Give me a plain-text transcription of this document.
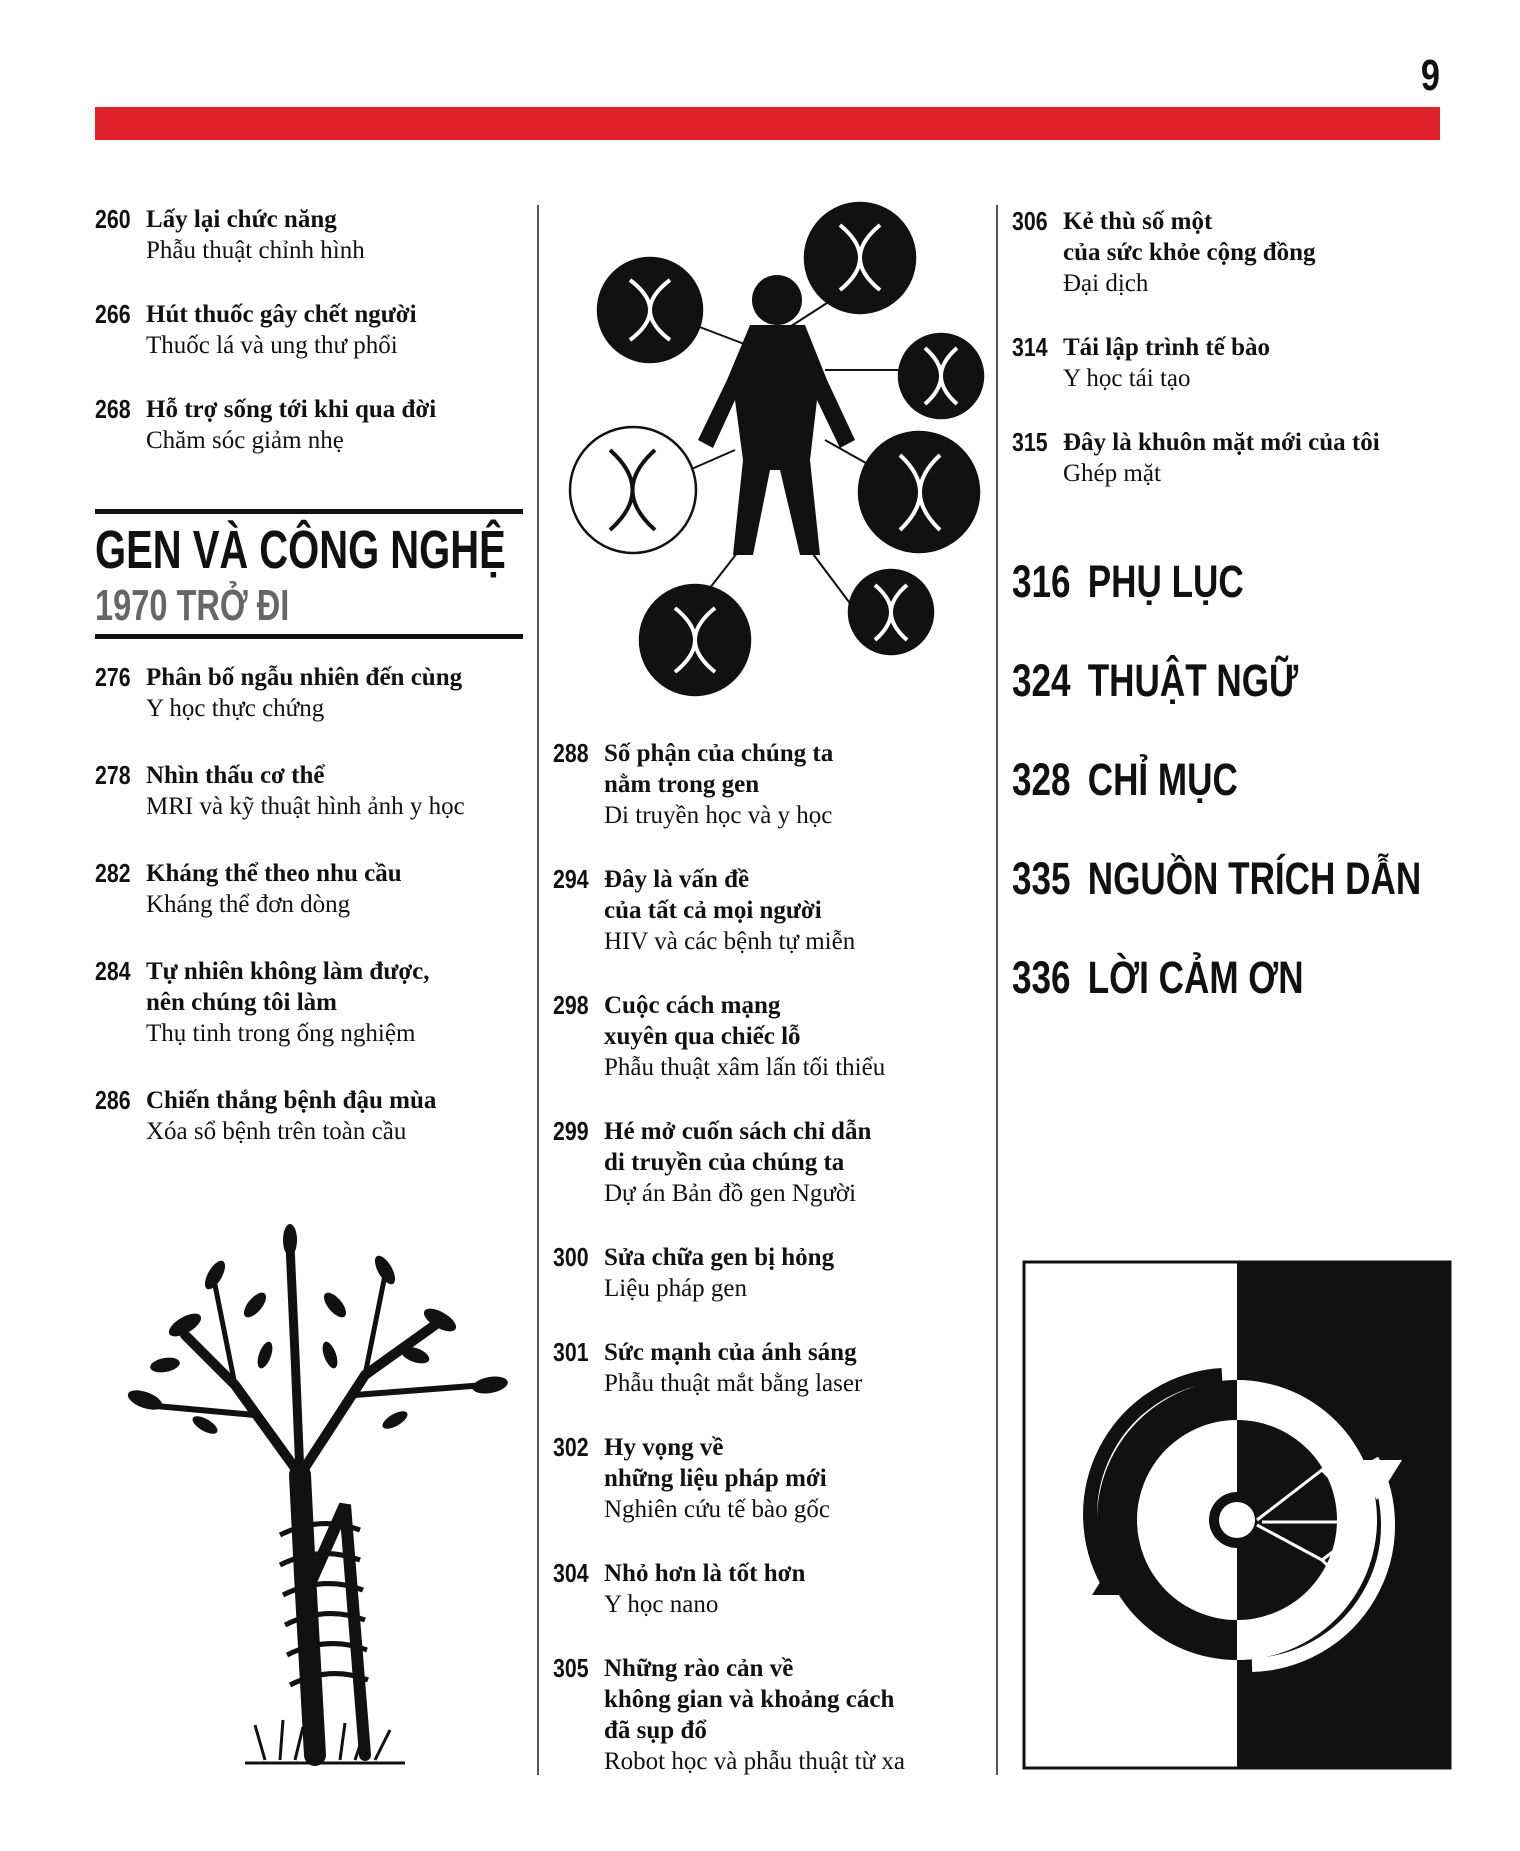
9
260 Lấy lại chức năng
Phẫu thuật chỉnh hình
266 Hút thuốc gây chết người
Thuốc lá và ung thư phổi
268 Hỗ trợ sống tới khi qua đời
Chăm sóc giảm nhẹ
276 Phân bố ngẫu nhiên đến cùng
Y học thực chứng
278 Nhìn thấu cơ thể
MRI và kỹ thuật hình ảnh y học
282 Kháng thể theo nhu cầu
Kháng thể đơn dòng
284 Tự nhiên không làm được,
nên chúng tôi làm
Thụ tinh trong ống nghiệm
286 Chiến thắng bệnh đậu mùa
Xóa sổ bệnh trên toàn cầu
288 Số phận của chúng ta
nằm trong gen
Di truyền học và y học
294 Đây là vấn đề
của tất cả mọi người
HIV và các bệnh tự miễn
298 Cuộc cách mạng
xuyên qua chiếc lỗ
Phẫu thuật xâm lấn tối thiểu
299 Hé mở cuốn sách chỉ dẫn
di truyền của chúng ta
Dự án Bản đồ gen Người
300 Sửa chữa gen bị hỏng
Liệu pháp gen
301 Sức mạnh của ánh sáng
Phẫu thuật mắt bằng laser
302 Hy vọng về
những liệu pháp mới
Nghiên cứu tế bào gốc
304 Nhỏ hơn là tốt hơn
Y học nano
305 Những rào cản về
không gian và khoảng cách
đã sụp đổ
Robot học và phẫu thuật từ xa
306 Kẻ thù số một
của sức khỏe cộng đồng
Đại dịch
314 Tái lập trình tế bào
Y học tái tạo
315 Đây là khuôn mặt mới của tôi
Ghép mặt
GEN VÀ CÔNG NGHỆ
1970 TRỞ ĐI	316 PHỤ LỤC
324 THUẬT NGỮ
328 CHỈ MỤC
335 NGUỒN TRÍCH DẪN
336 LỜI CẢM ƠN
